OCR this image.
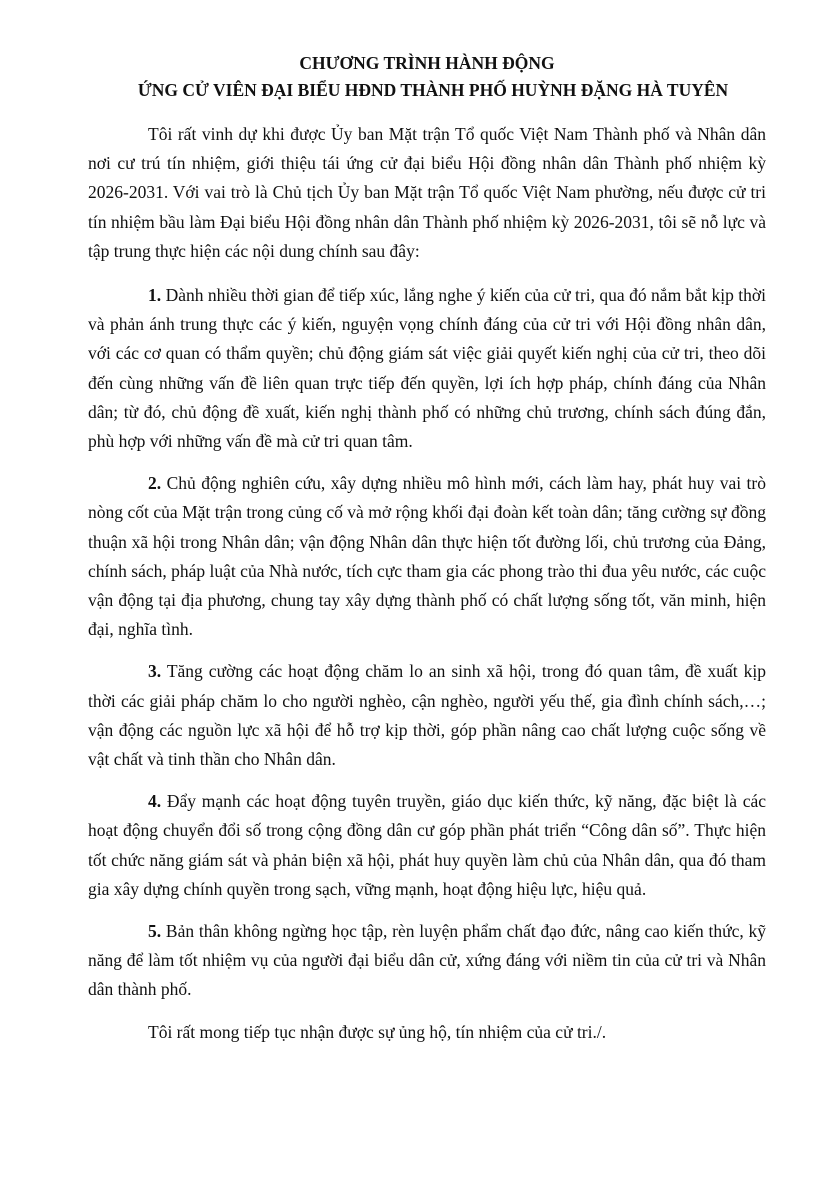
CHƯƠNG TRÌNH HÀNH ĐỘNG
ỨNG CỬ VIÊN ĐẠI BIỂU HĐND THÀNH PHỐ HUỲNH ĐẶNG HÀ TUYÊN

Tôi rất vinh dự khi được Ủy ban Mặt trận Tổ quốc Việt Nam Thành phố và Nhân dân nơi cư trú tín nhiệm, giới thiệu tái ứng cử đại biểu Hội đồng nhân dân Thành phố nhiệm kỳ 2026-2031. Với vai trò là Chủ tịch Ủy ban Mặt trận Tổ quốc Việt Nam phường, nếu được cử tri tín nhiệm bầu làm Đại biểu Hội đồng nhân dân Thành phố nhiệm kỳ 2026-2031, tôi sẽ nỗ lực và tập trung thực hiện các nội dung chính sau đây:

1. Dành nhiều thời gian để tiếp xúc, lắng nghe ý kiến của cử tri, qua đó nắm bắt kịp thời và phản ánh trung thực các ý kiến, nguyện vọng chính đáng của cử tri với Hội đồng nhân dân, với các cơ quan có thẩm quyền; chủ động giám sát việc giải quyết kiến nghị của cử tri, theo dõi đến cùng những vấn đề liên quan trực tiếp đến quyền, lợi ích hợp pháp, chính đáng của Nhân dân; từ đó, chủ động đề xuất, kiến nghị thành phố có những chủ trương, chính sách đúng đắn, phù hợp với những vấn đề mà cử tri quan tâm.

2. Chủ động nghiên cứu, xây dựng nhiều mô hình mới, cách làm hay, phát huy vai trò nòng cốt của Mặt trận trong củng cố và mở rộng khối đại đoàn kết toàn dân; tăng cường sự đồng thuận xã hội trong Nhân dân; vận động Nhân dân thực hiện tốt đường lối, chủ trương của Đảng, chính sách, pháp luật của Nhà nước, tích cực tham gia các phong trào thi đua yêu nước, các cuộc vận động tại địa phương, chung tay xây dựng thành phố có chất lượng sống tốt, văn minh, hiện đại, nghĩa tình.

3. Tăng cường các hoạt động chăm lo an sinh xã hội, trong đó quan tâm, đề xuất kịp thời các giải pháp chăm lo cho người nghèo, cận nghèo, người yếu thế, gia đình chính sách,…; vận động các nguồn lực xã hội để hỗ trợ kịp thời, góp phần nâng cao chất lượng cuộc sống về vật chất và tinh thần cho Nhân dân.

4. Đẩy mạnh các hoạt động tuyên truyền, giáo dục kiến thức, kỹ năng, đặc biệt là các hoạt động chuyển đổi số trong cộng đồng dân cư góp phần phát triển “Công dân số”. Thực hiện tốt chức năng giám sát và phản biện xã hội, phát huy quyền làm chủ của Nhân dân, qua đó tham gia xây dựng chính quyền trong sạch, vững mạnh, hoạt động hiệu lực, hiệu quả.

5. Bản thân không ngừng học tập, rèn luyện phẩm chất đạo đức, nâng cao kiến thức, kỹ năng để làm tốt nhiệm vụ của người đại biểu dân cử, xứng đáng với niềm tin của cử tri và Nhân dân thành phố.

Tôi rất mong tiếp tục nhận được sự ủng hộ, tín nhiệm của cử tri./.
